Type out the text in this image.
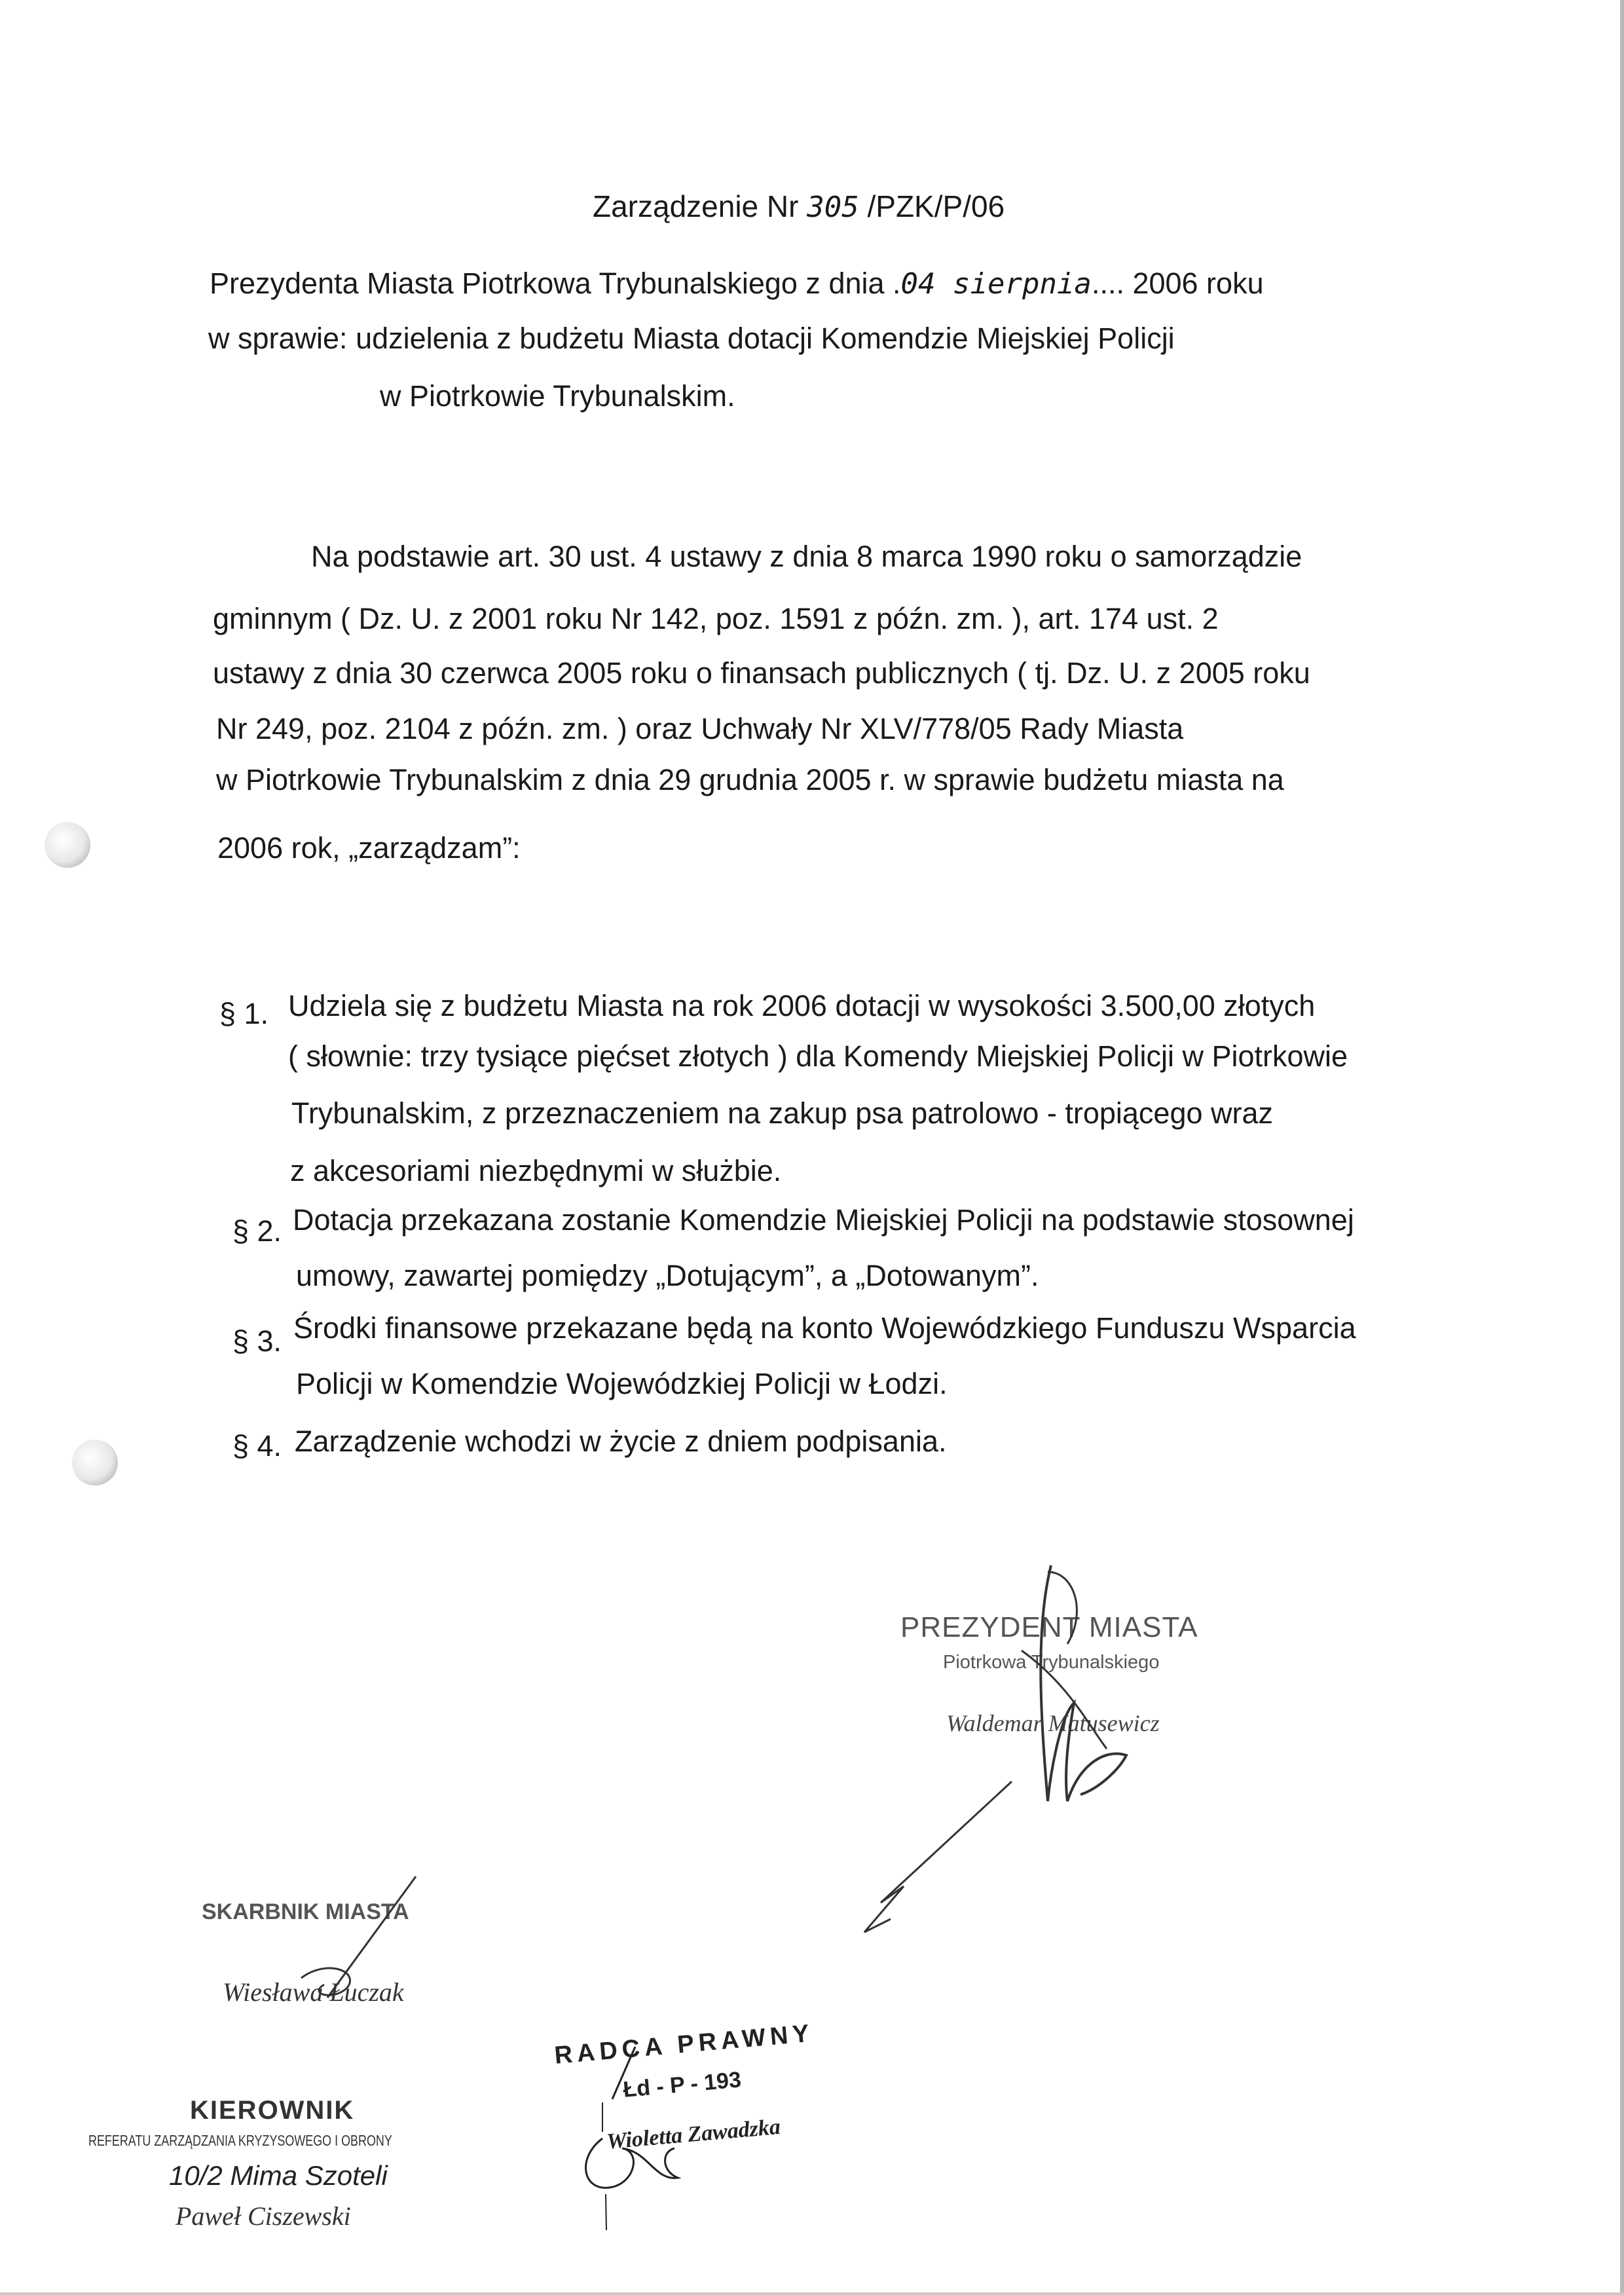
Zarządzenie Nr 305 /PZK/P/06
Prezydenta Miasta Piotrkowa Trybunalskiego z dnia .04 sierpnia.... 2006 roku
w sprawie: udzielenia z budżetu Miasta dotacji Komendzie Miejskiej Policji
w Piotrkowie Trybunalskim.
Na podstawie art. 30 ust. 4 ustawy z dnia 8 marca 1990 roku o samorządzie
gminnym ( Dz. U. z 2001 roku Nr 142, poz. 1591 z późn. zm. ), art. 174 ust. 2
ustawy z dnia 30 czerwca 2005 roku o finansach publicznych ( tj. Dz. U. z 2005 roku
Nr 249, poz. 2104 z późn. zm. ) oraz Uchwały Nr XLV/778/05 Rady Miasta
w Piotrkowie Trybunalskim z dnia 29 grudnia 2005 r. w sprawie budżetu miasta na
2006 rok, „zarządzam”:
§ 1. Udziela się z budżetu Miasta na rok 2006 dotacji w wysokości 3.500,00 złotych
( słownie: trzy tysiące pięćset złotych ) dla Komendy Miejskiej Policji w Piotrkowie
Trybunalskim, z przeznaczeniem na zakup psa patrolowo - tropiącego wraz
z akcesoriami niezbędnymi w służbie.
§ 2. Dotacja przekazana zostanie Komendzie Miejskiej Policji na podstawie stosownej
umowy, zawartej pomiędzy „Dotującym”, a „Dotowanym”.
§ 3. Środki finansowe przekazane będą na konto Wojewódzkiego Funduszu Wsparcia
Policji w Komendzie Wojewódzkiej Policji w Łodzi.
§ 4. Zarządzenie wchodzi w życie z dniem podpisania.
PREZYDENT MIASTA
Piotrkowa Trybunalskiego
Waldemar Matusewicz
SKARBNIK MIASTA
Wiesława Łuczak
KIEROWNIK
REFERATU ZARZĄDZANIA KRYZYSOWEGO I OBRONY
10/2 Mima Szoteli
Paweł Ciszewski
RADCA PRAWNY
Łd - P - 193
Wioletta Zawadzka
